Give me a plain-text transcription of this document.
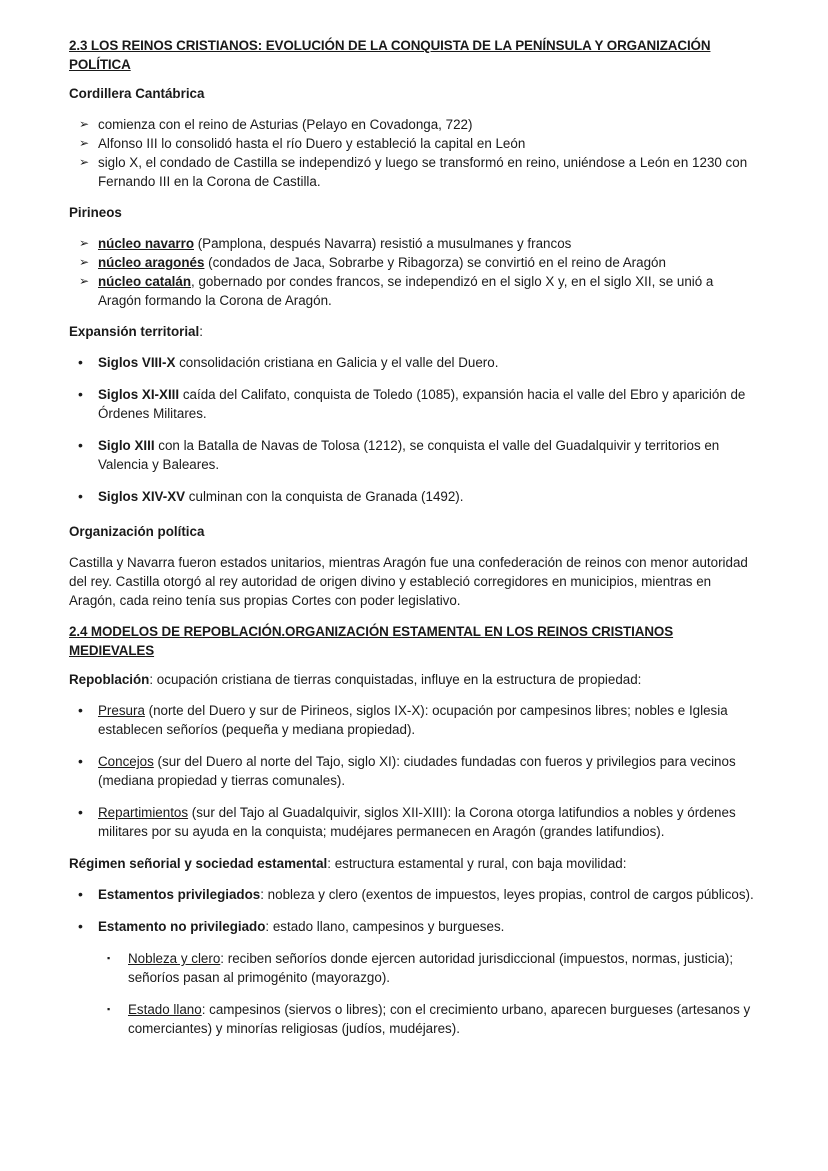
2.3 LOS REINOS CRISTIANOS: EVOLUCIÓN DE LA CONQUISTA DE LA PENÍNSULA Y ORGANIZACIÓN POLÍTICA
Cordillera Cantábrica
➢ comienza con el reino de Asturias (Pelayo en Covadonga, 722)
➢ Alfonso III lo consolidó hasta el río Duero y estableció la capital en León
➢ siglo X, el condado de Castilla se independizó y luego se transformó en reino, uniéndose a León en 1230 con Fernando III en la Corona de Castilla.
Pirineos
➢ núcleo navarro (Pamplona, después Navarra) resistió a musulmanes y francos
➢ núcleo aragonés (condados de Jaca, Sobrarbe y Ribagorza) se convirtió en el reino de Aragón
➢ núcleo catalán, gobernado por condes francos, se independizó en el siglo X y, en el siglo XII, se unió a Aragón formando la Corona de Aragón.
Expansión territorial:
• Siglos VIII-X consolidación cristiana en Galicia y el valle del Duero.
• Siglos XI-XIII caída del Califato, conquista de Toledo (1085), expansión hacia el valle del Ebro y aparición de Órdenes Militares.
• Siglo XIII con la Batalla de Navas de Tolosa (1212), se conquista el valle del Guadalquivir y territorios en Valencia y Baleares.
• Siglos XIV-XV culminan con la conquista de Granada (1492).
Organización política

Castilla y Navarra fueron estados unitarios, mientras Aragón fue una confederación de reinos con menor autoridad del rey. Castilla otorgó al rey autoridad de origen divino y estableció corregidores en municipios, mientras en Aragón, cada reino tenía sus propias Cortes con poder legislativo.

2.4 MODELOS DE REPOBLACIÓN.ORGANIZACIÓN ESTAMENTAL EN LOS REINOS CRISTIANOS MEDIEVALES

Repoblación: ocupación cristiana de tierras conquistadas, influye en la estructura de propiedad:

• Presura (norte del Duero y sur de Pirineos, siglos IX-X): ocupación por campesinos libres; nobles e Iglesia establecen señoríos (pequeña y mediana propiedad).
• Concejos (sur del Duero al norte del Tajo, siglo XI): ciudades fundadas con fueros y privilegios para vecinos (mediana propiedad y tierras comunales).
• Repartimientos (sur del Tajo al Guadalquivir, siglos XII-XIII): la Corona otorga latifundios a nobles y órdenes militares por su ayuda en la conquista; mudéjares permanecen en Aragón (grandes latifundios).

Régimen señorial y sociedad estamental: estructura estamental y rural, con baja movilidad:

• Estamentos privilegiados: nobleza y clero (exentos de impuestos, leyes propias, control de cargos públicos).
• Estamento no privilegiado: estado llano, campesinos y burgueses.
▪ Nobleza y clero: reciben señoríos donde ejercen autoridad jurisdiccional (impuestos, normas, justicia); señoríos pasan al primogénito (mayorazgo).
▪ Estado llano: campesinos (siervos o libres); con el crecimiento urbano, aparecen burgueses (artesanos y comerciantes) y minorías religiosas (judíos, mudéjares).
